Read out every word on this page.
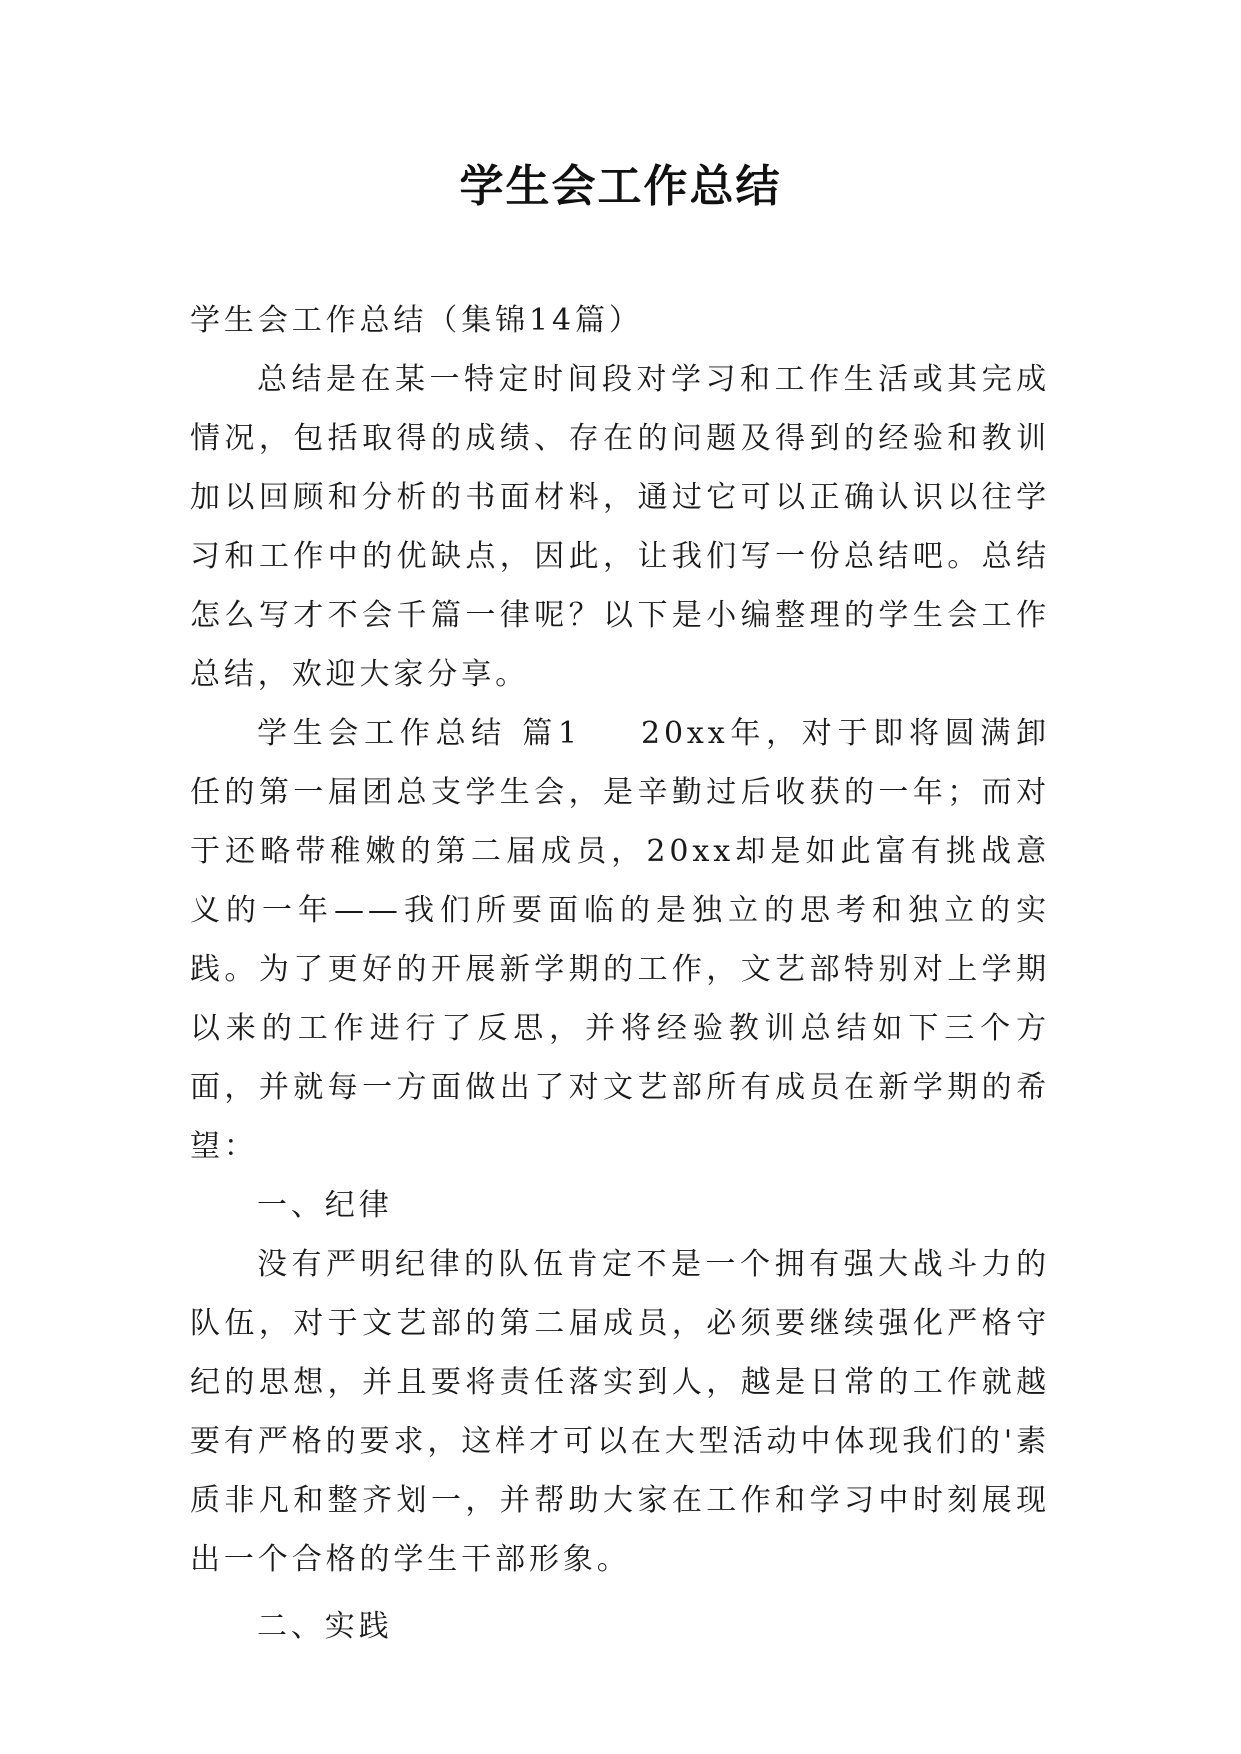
学生会工作总结

学生会工作总结（集锦14篇）

总结是在某一特定时间段对学习和工作生活或其完成情况，包括取得的成绩、存在的问题及得到的经验和教训加以回顾和分析的书面材料，通过它可以正确认识以往学习和工作中的优缺点，因此，让我们写一份总结吧。总结怎么写才不会千篇一律呢？以下是小编整理的学生会工作总结，欢迎大家分享。

学生会工作总结 篇1 20xx年，对于即将圆满卸任的第一届团总支学生会，是辛勤过后收获的一年；而对于还略带稚嫩的第二届成员，20xx却是如此富有挑战意义的一年——我们所要面临的是独立的思考和独立的实践。为了更好的开展新学期的工作，文艺部特别对上学期以来的工作进行了反思，并将经验教训总结如下三个方面，并就每一方面做出了对文艺部所有成员在新学期的希望：

一、纪律

没有严明纪律的队伍肯定不是一个拥有强大战斗力的队伍，对于文艺部的第二届成员，必须要继续强化严格守纪的思想，并且要将责任落实到人，越是日常的工作就越要有严格的要求，这样才可以在大型活动中体现我们的'素质非凡和整齐划一，并帮助大家在工作和学习中时刻展现出一个合格的学生干部形象。

二、实践
